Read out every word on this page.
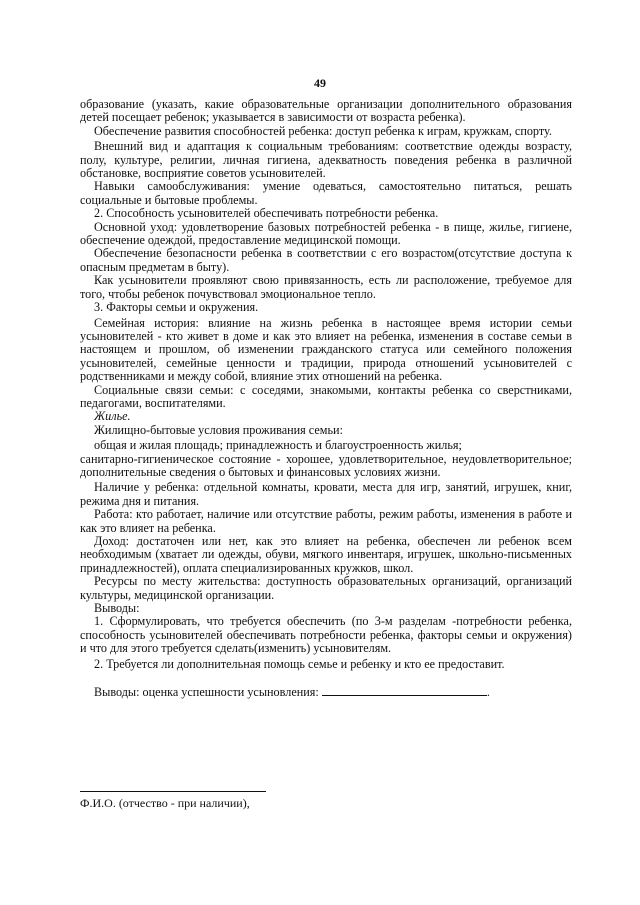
49

образование (указать, какие образовательные организации дополнительного образования детей посещает ребенок; указывается в зависимости от возраста ребенка).

Обеспечение развития способностей ребенка: доступ ребенка к играм, кружкам, спорту.

Внешний вид и адаптация к социальным требованиям: соответствие одежды возрасту, полу, культуре, религии, личная гигиена, адекватность поведения ребенка в различной обстановке, восприятие советов усыновителей.

Навыки самообслуживания: умение одеваться, самостоятельно питаться, решать социальные и бытовые проблемы.

2. Способность усыновителей обеспечивать потребности ребенка.

Основной уход: удовлетворение базовых потребностей ребенка - в пище, жилье, гигиене, обеспечение одеждой, предоставление медицинской помощи.

Обеспечение безопасности ребенка в соответствии с его возрастом(отсутствие доступа к опасным предметам в быту).

Как усыновители проявляют свою привязанность, есть ли расположение, требуемое для того, чтобы ребенок почувствовал эмоциональное тепло.

3. Факторы семьи и окружения.

Семейная история: влияние на жизнь ребенка в настоящее время истории семьи усыновителей - кто живет в доме и как это влияет на ребенка, изменения в составе семьи в настоящем и прошлом, об изменении гражданского статуса или семейного положения усыновителей, семейные ценности и традиции, природа отношений усыновителей с родственниками и между собой, влияние этих отношений на ребенка.

Социальные связи семьи: с соседями, знакомыми, контакты ребенка со сверстниками, педагогами, воспитателями.

Жилье.

Жилищно-бытовые условия проживания семьи:

общая и жилая площадь; принадлежность и благоустроенность жилья;

санитарно-гигиеническое состояние - хорошее, удовлетворительное, неудовлетворительное; дополнительные сведения о бытовых и финансовых условиях жизни.

Наличие у ребенка: отдельной комнаты, кровати, места для игр, занятий, игрушек, книг, режима дня и питания.

Работа: кто работает, наличие или отсутствие работы, режим работы, изменения в работе и как это влияет на ребенка.

Доход: достаточен или нет, как это влияет на ребенка, обеспечен ли ребенок всем необходимым (хватает ли одежды, обуви, мягкого инвентаря, игрушек, школьно-письменных принадлежностей), оплата специализированных кружков, школ.

Ресурсы по месту жительства: доступность образовательных организаций, организаций культуры, медицинской организации.

Выводы:

1. Сформулировать, что требуется обеспечить (по 3-м разделам -потребности ребенка, способность усыновителей обеспечивать потребности ребенка, факторы семьи и окружения) и что для этого требуется сделать(изменить) усыновителям.

2. Требуется ли дополнительная помощь семье и ребенку и кто ее предоставит.

Выводы: оценка успешности усыновления:	.

Ф.И.О. (отчество - при наличии),
